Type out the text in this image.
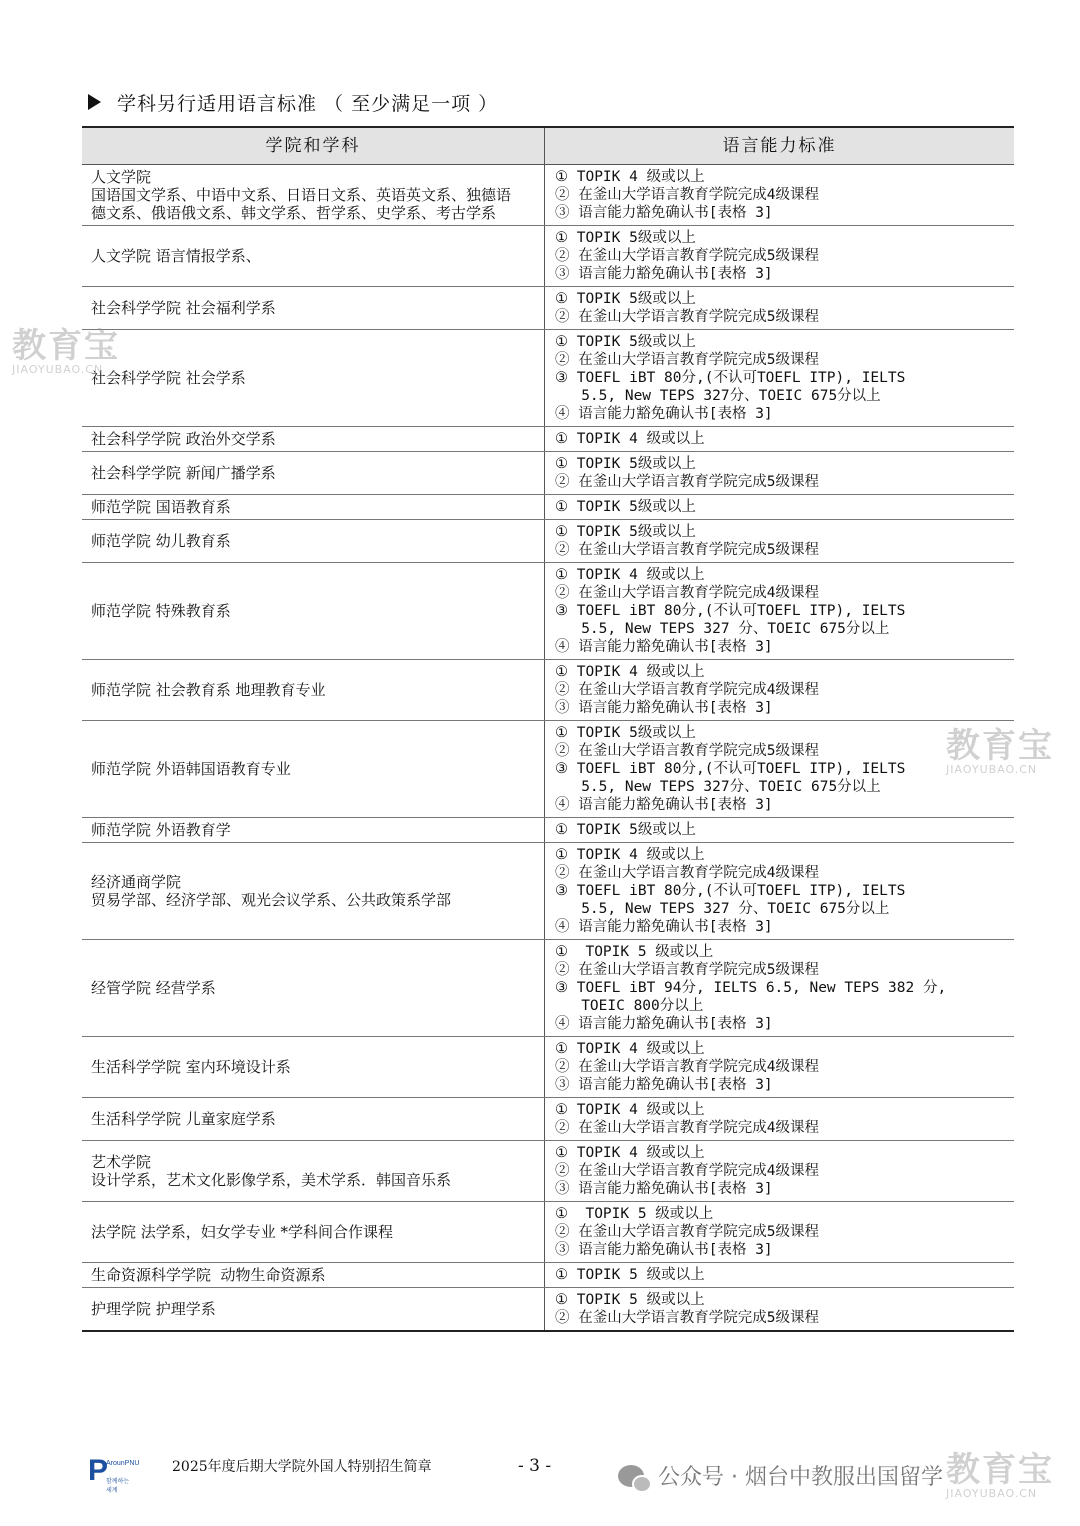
学科另行适用语言标准 （ 至少满足一项 ）
学院和学科	语言能力标准

人文学院
国语国文学系、中语中文系、日语日文系、英语英文系、独德语
德文系、俄语俄文系、韩文学系、哲学系、史学系、考古学系	① TOPIK 4 级或以上
② 在釜山大学语言教育学院完成4级课程
③ 语言能力豁免确认书[表格 3]

人文学院 语言情报学系、	① TOPIK 5级或以上
② 在釜山大学语言教育学院完成5级课程
③ 语言能力豁免确认书[表格 3]

社会科学学院 社会福利学系	① TOPIK 5级或以上
② 在釜山大学语言教育学院完成5级课程

社会科学学院 社会学系	① TOPIK 5级或以上
② 在釜山大学语言教育学院完成5级课程
③ TOEFL iBT 80分,(不认可TOEFL ITP), IELTS
5.5, New TEPS 327分、TOEIC 675分以上
④ 语言能力豁免确认书[表格 3]

社会科学学院 政治外交学系	① TOPIK 4 级或以上

社会科学学院 新闻广播学系	① TOPIK 5级或以上
② 在釜山大学语言教育学院完成5级课程

师范学院 国语教育系	① TOPIK 5级或以上

师范学院 幼儿教育系	① TOPIK 5级或以上
② 在釜山大学语言教育学院完成5级课程

师范学院 特殊教育系	① TOPIK 4 级或以上
② 在釜山大学语言教育学院完成4级课程
③ TOEFL iBT 80分,(不认可TOEFL ITP), IELTS
5.5, New TEPS 327 分、TOEIC 675分以上
④ 语言能力豁免确认书[表格 3]

师范学院 社会教育系 地理教育专业	① TOPIK 4 级或以上
② 在釜山大学语言教育学院完成4级课程
③ 语言能力豁免确认书[表格 3]

师范学院 外语韩国语教育专业	① TOPIK 5级或以上
② 在釜山大学语言教育学院完成5级课程
③ TOEFL iBT 80分,(不认可TOEFL ITP), IELTS
5.5, New TEPS 327分、TOEIC 675分以上
④ 语言能力豁免确认书[表格 3]

师范学院 外语教育学	① TOPIK 5级或以上

经济通商学院
贸易学部、经济学部、观光会议学系、公共政策系学部	① TOPIK 4 级或以上
② 在釜山大学语言教育学院完成4级课程
③ TOEFL iBT 80分,(不认可TOEFL ITP), IELTS
5.5, New TEPS 327 分、TOEIC 675分以上
④ 语言能力豁免确认书[表格 3]

经管学院 经营学系	①  TOPIK 5 级或以上
② 在釜山大学语言教育学院完成5级课程
③ TOEFL iBT 94分, IELTS 6.5, New TEPS 382 分,
TOEIC 800分以上
④ 语言能力豁免确认书[表格 3]

生活科学学院 室内环境设计系	① TOPIK 4 级或以上
② 在釜山大学语言教育学院完成4级课程
③ 语言能力豁免确认书[表格 3]

生活科学学院 儿童家庭学系	① TOPIK 4 级或以上
② 在釜山大学语言教育学院完成4级课程

艺术学院
设计学系，艺术文化影像学系，美术学系．韩国音乐系	① TOPIK 4 级或以上
② 在釜山大学语言教育学院完成4级课程
③ 语言能力豁免确认书[表格 3]

法学院 法学系，妇女学专业 *学科间合作课程	①  TOPIK 5 级或以上
② 在釜山大学语言教育学院完成5级课程
③ 语言能力豁免确认书[表格 3]

生命资源科学学院  动物生命资源系	① TOPIK 5 级或以上

护理学院 护理学系	① TOPIK 5 级或以上
② 在釜山大学语言教育学院完成5级课程
P
ArounPNU
함께하는 세계
2025年度后期大学院外国人特别招生简章	- 3 -	公众号 · 烟台中教服出国留学
教育宝
JIAOYUBAO.CN
教育宝
JIAOYUBAO.CN
教育宝
JIAOYUBAO.CN
